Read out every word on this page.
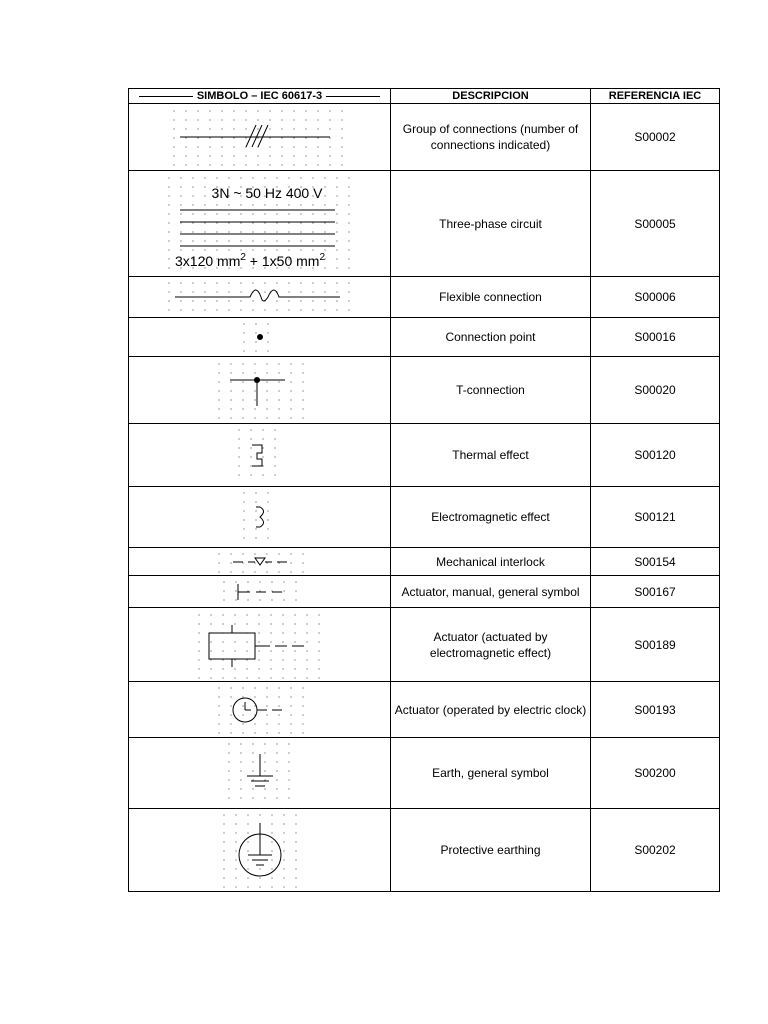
SIMBOLO – IEC 60617-3	DESCRIPCION	REFERENCIA IEC

	Group of connections (number of connections indicated)	S00002

3N ~ 50 Hz 400 V
3x120 $mm^2 + 1x50$ $mm^2$	Three-phase circuit	S00005

	Flexible connection	S00006

	Connection point	S00016

	T-connection	S00020

	Thermal effect	S00120

	Electromagnetic effect	S00121

	Mechanical interlock	S00154

	Actuator, manual, general symbol	S00167

	Actuator (actuated by electromagnetic effect)	S00189

	Actuator (operated by electric clock)	S00193

	Earth, general symbol	S00200

	Protective earthing	S00202
